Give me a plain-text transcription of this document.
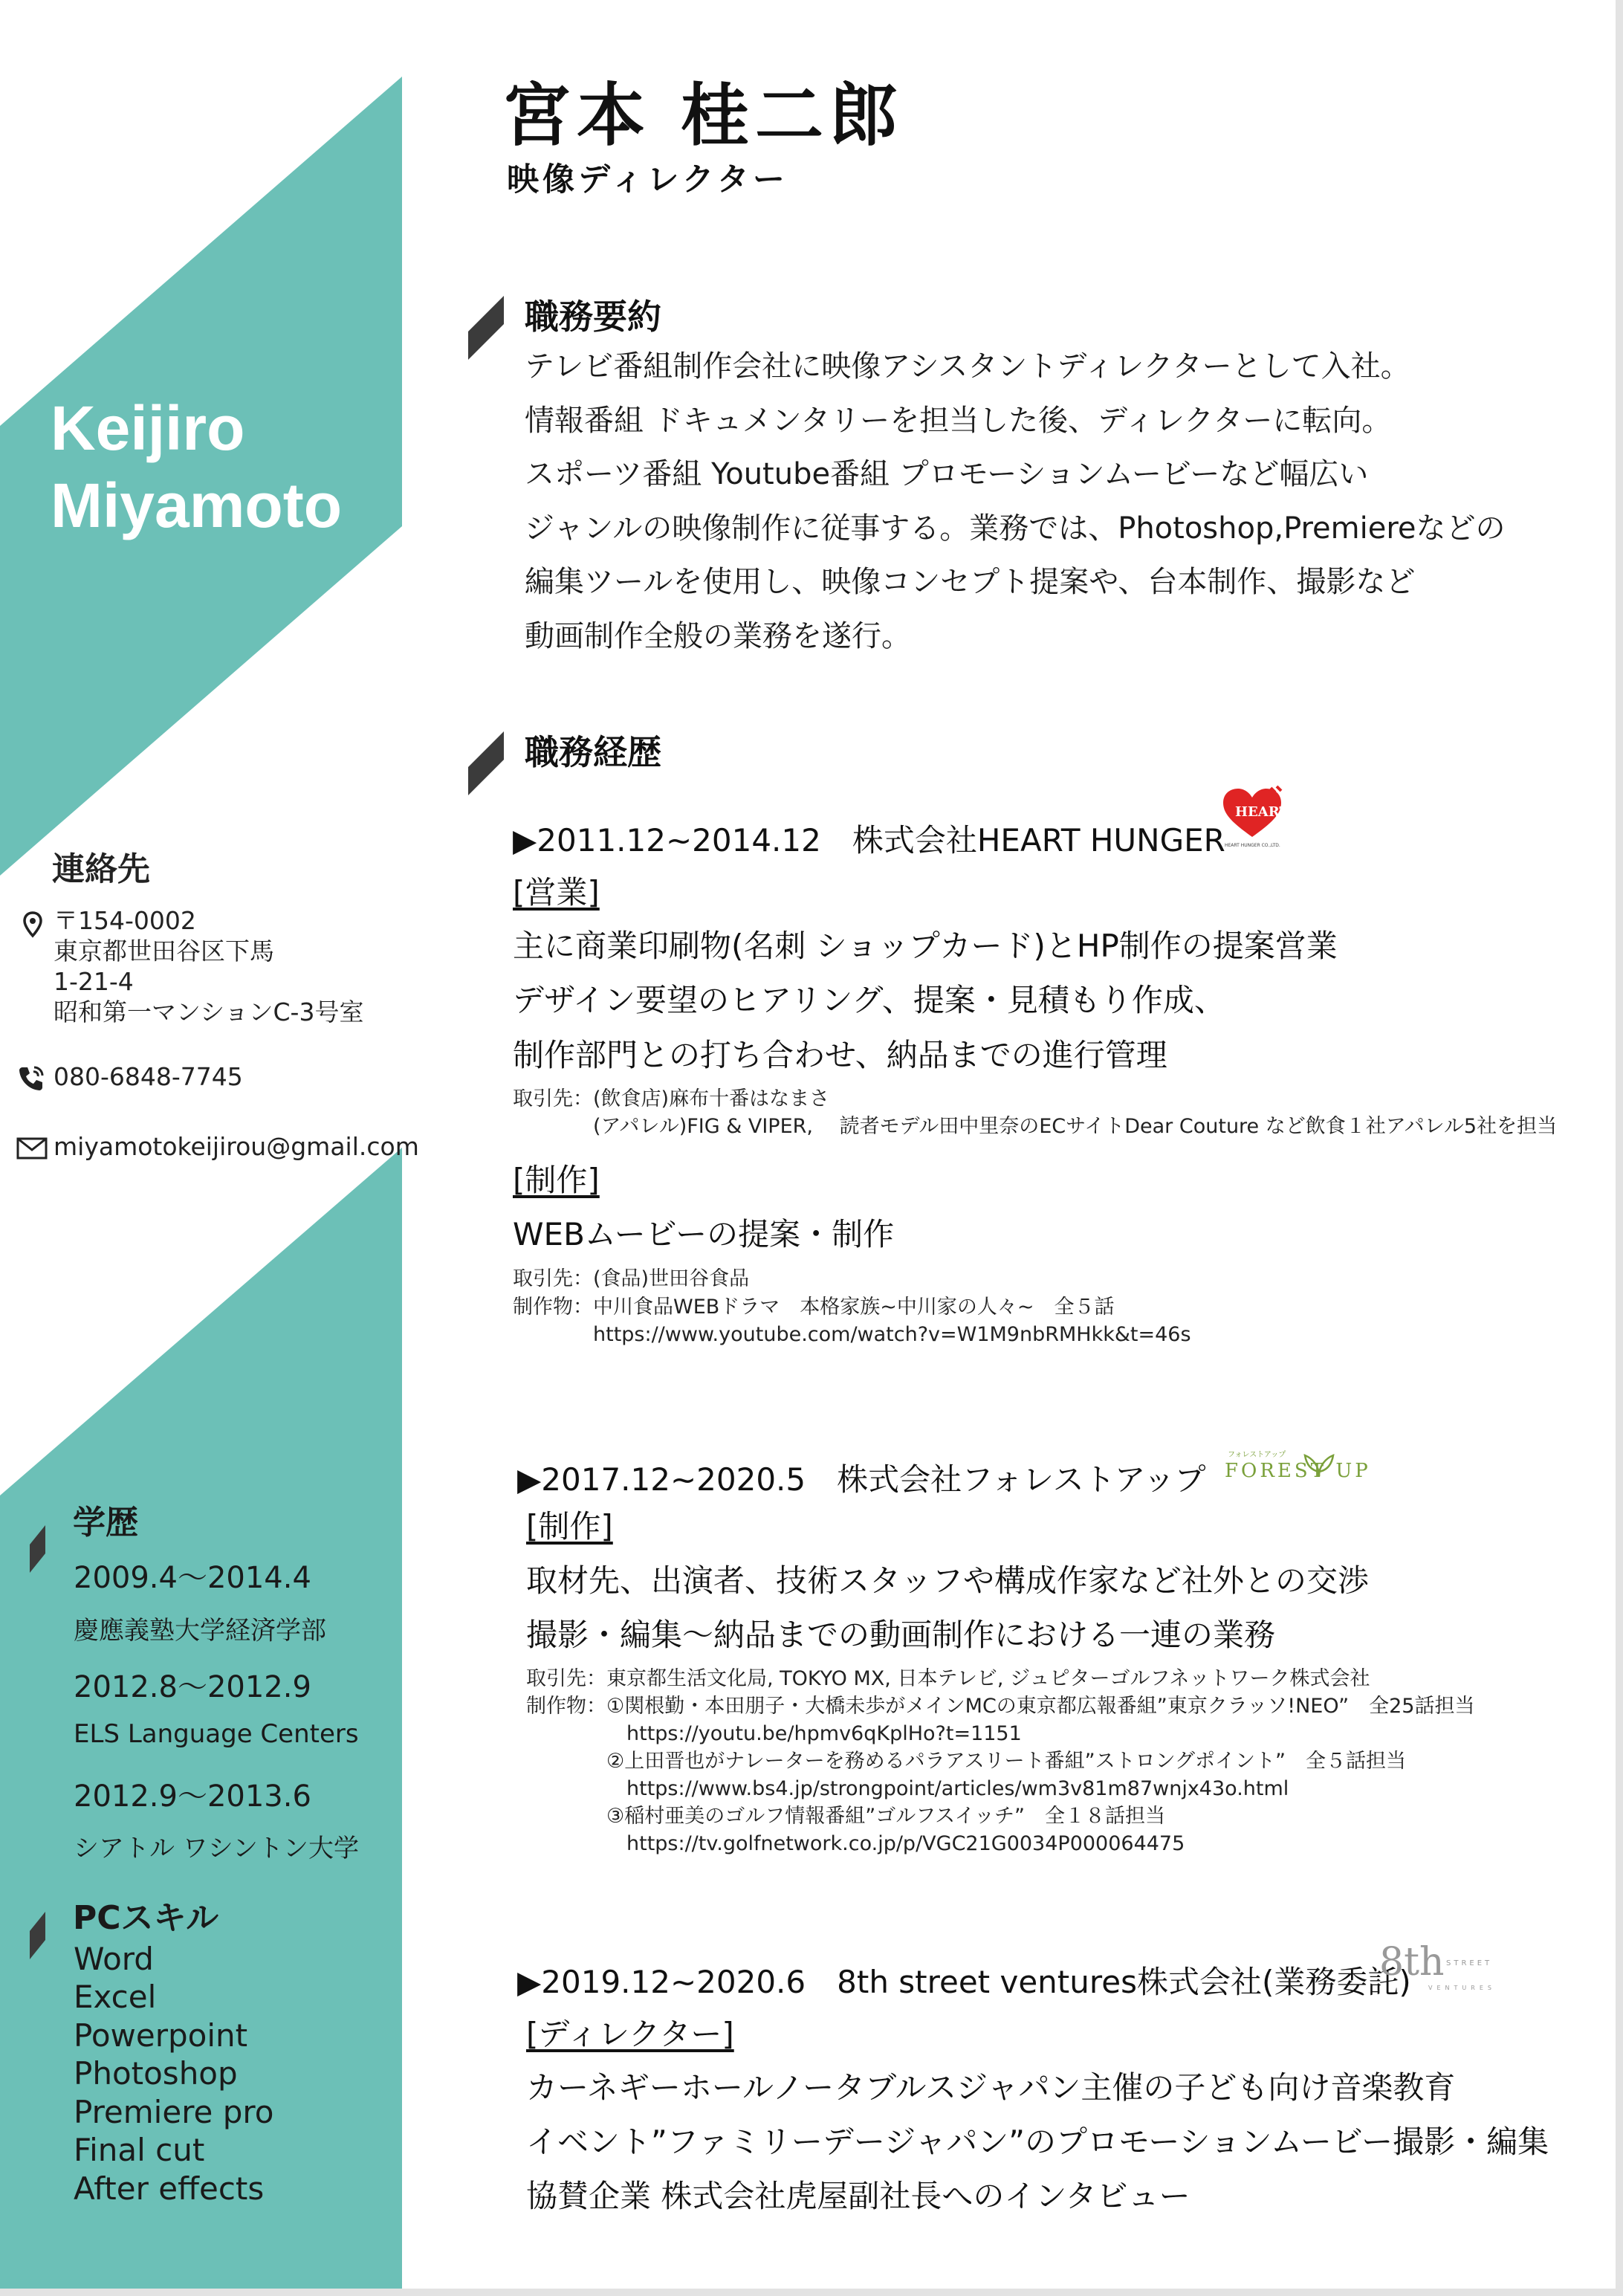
Keijiro
Miyamoto
連絡先
〒154-0002
東京都世田谷区下馬
1-21-4
昭和第一マンションC-3号室
080-6848-7745
miyamotokeijirou@gmail.com
学歴
2009.4～2014.4
慶應義塾大学経済学部
2012.8～2012.9
ELS Language Centers
2012.9～2013.6
シアトル ワシントン大学
PCスキル
Word
Excel
Powerpoint
Photoshop
Premiere pro
Final cut
After effects
宮本 桂二郎
映像ディレクター
職務要約
テレビ番組制作会社に映像アシスタントディレクターとして入社。
情報番組 ドキュメンタリーを担当した後、ディレクターに転向。
スポーツ番組 Youtube番組 プロモーションムービーなど幅広い
ジャンルの映像制作に従事する。業務では、Photoshop,Premiereなどの
編集ツールを使用し、映像コンセプト提案や、台本制作、撮影など
動画制作全般の業務を遂行。
職務経歴
▶2011.12~2014.12　株式会社HEART HUNGER
HEART HUNGER
HEART HUNGER CO.,LTD.
[営業]
主に商業印刷物(名刺 ショップカード)とHP制作の提案営業
デザイン要望のヒアリング、提案・見積もり作成、
制作部門との打ち合わせ、納品までの進行管理
取引先：(飲食店)麻布十番はなまさ
　　　　(アパレル)FIG & VIPER,　 読者モデル田中里奈のECサイトDear Couture など飲食１社アパレル5社を担当
[制作]
WEBムービーの提案・制作
取引先：(食品)世田谷食品
制作物：中川食品WEBドラマ　本格家族~中川家の人々~　全５話
　　　　https://www.youtube.com/watch?v=W1M9nbRMHkk&t=46s
▶2017.12~2020.5　株式会社フォレストアップ
フォレストアップ
FOREST UP
[制作]
取材先、出演者、技術スタッフや構成作家など社外との交渉
撮影・編集～納品までの動画制作における一連の業務
取引先：東京都生活文化局, TOKYO MX, 日本テレビ, ジュピターゴルフネットワーク株式会社
制作物：①関根勤・本田朋子・大橋未歩がメインMCの東京都広報番組”東京クラッソ!NEO”　全25話担当
　　　　　https://youtu.be/hpmv6qKplHo?t=1151
　　　　②上田晋也がナレーターを務めるパラアスリート番組”ストロングポイント”　全５話担当
　　　　　https://www.bs4.jp/strongpoint/articles/wm3v81m87wnjx43o.html
　　　　③稲村亜美のゴルフ情報番組”ゴルフスイッチ”　全１８話担当
　　　　　https://tv.golfnetwork.co.jp/p/VGC21G0034P000064475
▶2019.12~2020.6　8th street ventures株式会社(業務委託)
8th STREET
VENTURES
[ディレクター]
カーネギーホールノータブルスジャパン主催の子ども向け音楽教育
イベント”ファミリーデージャパン”のプロモーションムービー撮影・編集
協賛企業 株式会社虎屋副社長へのインタビュー
